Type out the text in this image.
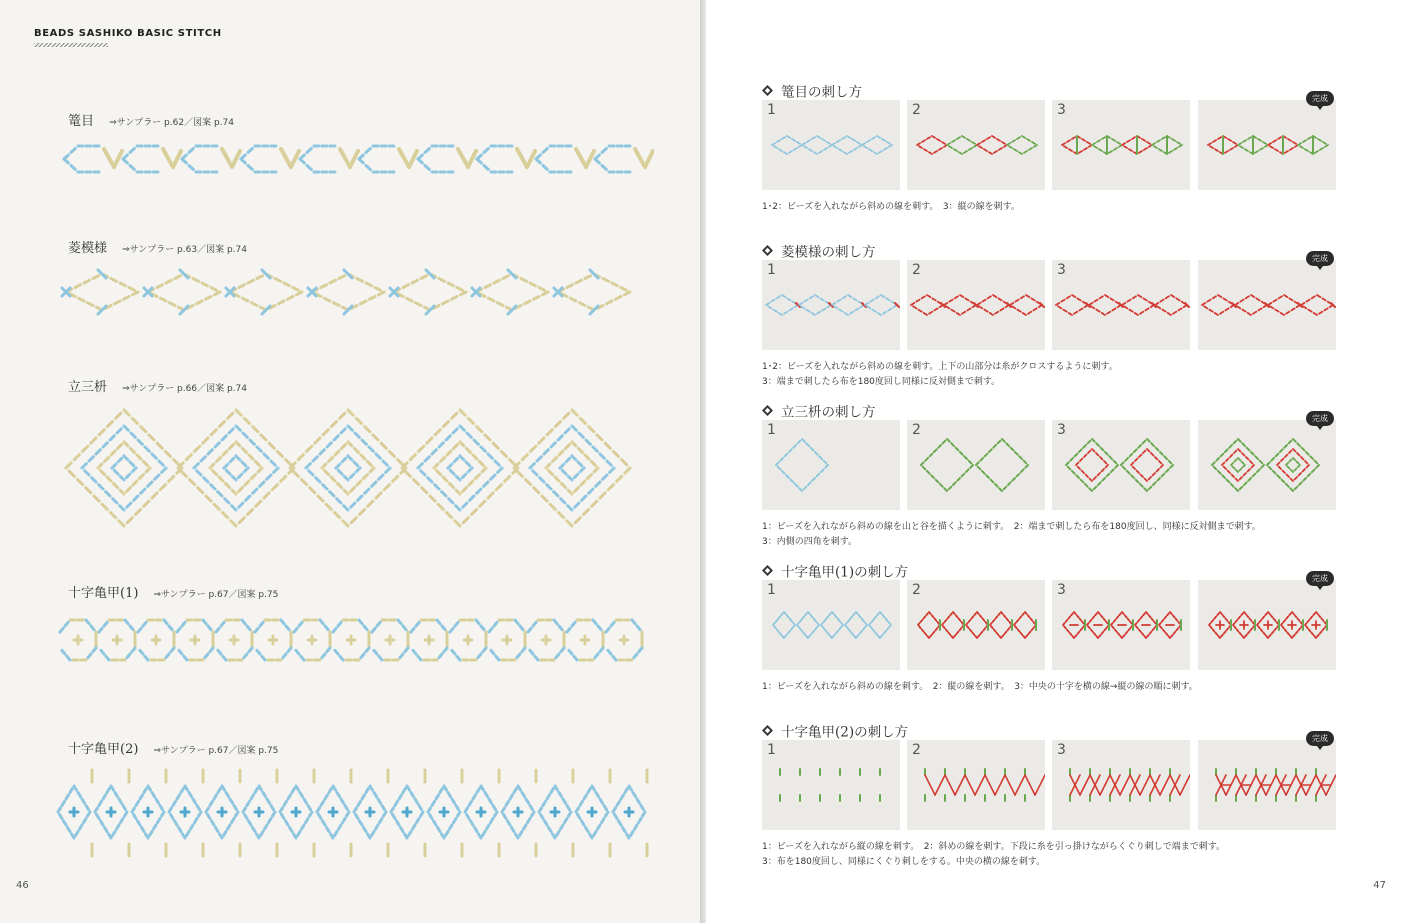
BEADS SASHIKO BASIC STITCH
篭目 ⇒サンプラー p.62／図案 p.74
菱模様 ⇒サンプラー p.63／図案 p.74
立三枡 ⇒サンプラー p.66／図案 p.74
十字亀甲(1) ⇒サンプラー p.67／図案 p.75
十字亀甲(2) ⇒サンプラー p.67／図案 p.75
46
篭目の刺し方
1	2	3
完成
1･2：ビーズを入れながら斜めの線を刺す。　3：縦の線を刺す。
菱模様の刺し方
1	2	3
完成
1･2：ビーズを入れながら斜めの線を刺す。上下の山部分は糸がクロスするように刺す。
3：端まで刺したら布を180度回し同様に反対側まで刺す。
立三枡の刺し方
1	2	3
完成
1：ビーズを入れながら斜めの線を山と谷を描くように刺す。　2：端まで刺したら布を180度回し、同様に反対側まで刺す。
3：内側の四角を刺す。
十字亀甲(1)の刺し方
1	2	3
完成
1：ビーズを入れながら斜めの線を刺す。　2：縦の線を刺す。　3：中央の十字を横の線→縦の線の順に刺す。
十字亀甲(2)の刺し方
1	2	3
完成
1：ビーズを入れながら縦の線を刺す。　2：斜めの線を刺す。下段に糸を引っ掛けながらくぐり刺しで端まで刺す。
3：布を180度回し、同様にくぐり刺しをする。中央の横の線を刺す。
47
